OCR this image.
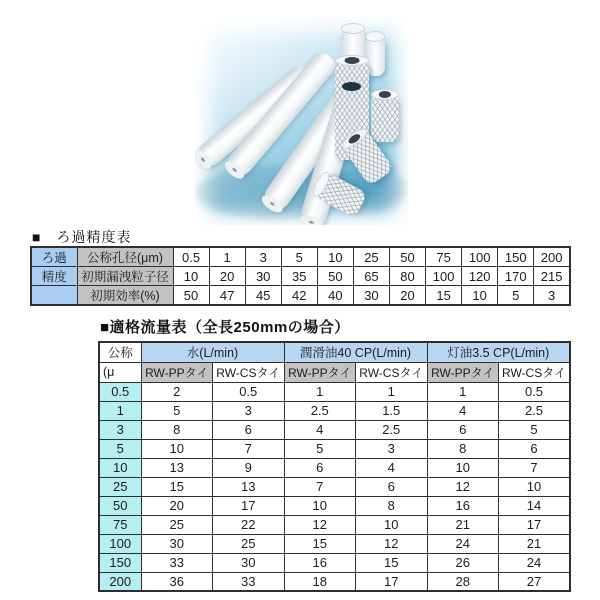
■　ろ過精度表
ろ過	公称孔径(μm)	0.5	1	3	5	10	25	50	75	100	150	200
精度	初期漏洩粒子径	10	20	30	35	50	65	80	100	120	170	215
	初期効率(%)	50	47	45	42	40	30	20	15	10	5	3
■適格流量表（全長250mmの場合）
公称	水(L/min)		潤滑油40 CP(L/min)		灯油3.5 CP(L/min)	
(μ	RW-PPタイ	RW-CSタイ	RW-PPタイ	RW-CSタイ	RW-PPタイ	RW-CSタイ
0.5	2	0.5	1	1	1	0.5
1	5	3	2.5	1.5	4	2.5
3	8	6	4	2.5	6	5
5	10	7	5	3	8	6
10	13	9	6	4	10	7
25	15	13	7	6	12	10
50	20	17	10	8	16	14
75	25	22	12	10	21	17
100	30	25	15	12	24	21
150	33	30	16	15	26	24
200	36	33	18	17	28	27
